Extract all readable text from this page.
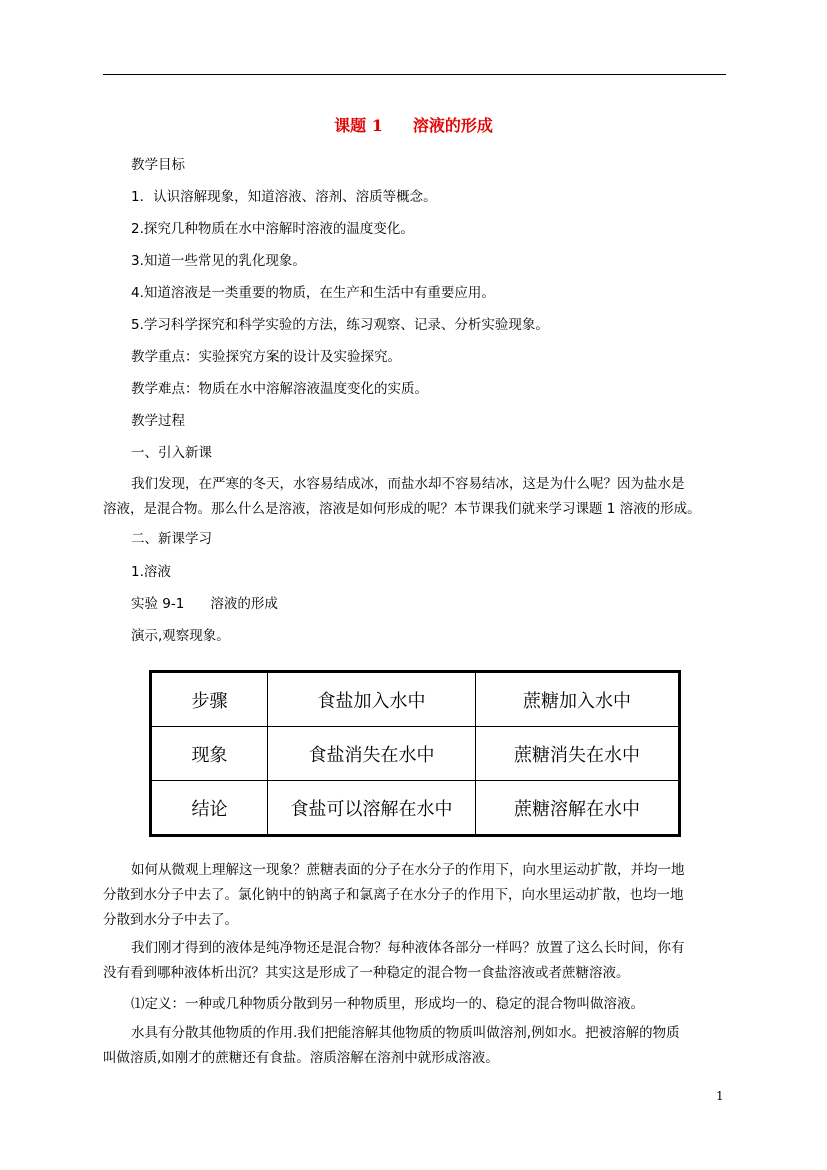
课题 1 溶液的形成
教学目标
1．认识溶解现象，知道溶液、溶剂、溶质等概念。
2.探究几种物质在水中溶解时溶液的温度变化。
3.知道一些常见的乳化现象。
4.知道溶液是一类重要的物质，在生产和生活中有重要应用。
5.学习科学探究和科学实验的方法，练习观察、记录、分析实验现象。
教学重点：实验探究方案的设计及实验探究。
教学难点：物质在水中溶解溶液温度变化的实质。
教学过程
一、引入新课
我们发现，在严寒的冬天，水容易结成冰，而盐水却不容易结冰，这是为什么呢？因为盐水是
溶液，是混合物。那么什么是溶液，溶液是如何形成的呢？本节课我们就来学习课题 1 溶液的形成。
二、新课学习
1.溶液
实验 9-1 溶液的形成
演示,观察现象。
步骤	食盐加入水中	蔗糖加入水中
现象	食盐消失在水中	蔗糖消失在水中
结论	食盐可以溶解在水中	蔗糖溶解在水中
如何从微观上理解这一现象？蔗糖表面的分子在水分子的作用下，向水里运动扩散，并均一地
分散到水分子中去了。氯化钠中的钠离子和氯离子在水分子的作用下，向水里运动扩散，也均一地
分散到水分子中去了。
我们刚才得到的液体是纯净物还是混合物？每种液体各部分一样吗？放置了这么长时间，你有
没有看到哪种液体析出沉？其实这是形成了一种稳定的混合物一食盐溶液或者蔗糖溶液。
⑴定义：一种或几种物质分散到另一种物质里，形成均一的、稳定的混合物叫做溶液。
水具有分散其他物质的作用.我们把能溶解其他物质的物质叫做溶剂,例如水。把被溶解的物质
叫做溶质,如刚才的蔗糖还有食盐。溶质溶解在溶剂中就形成溶液。
1
